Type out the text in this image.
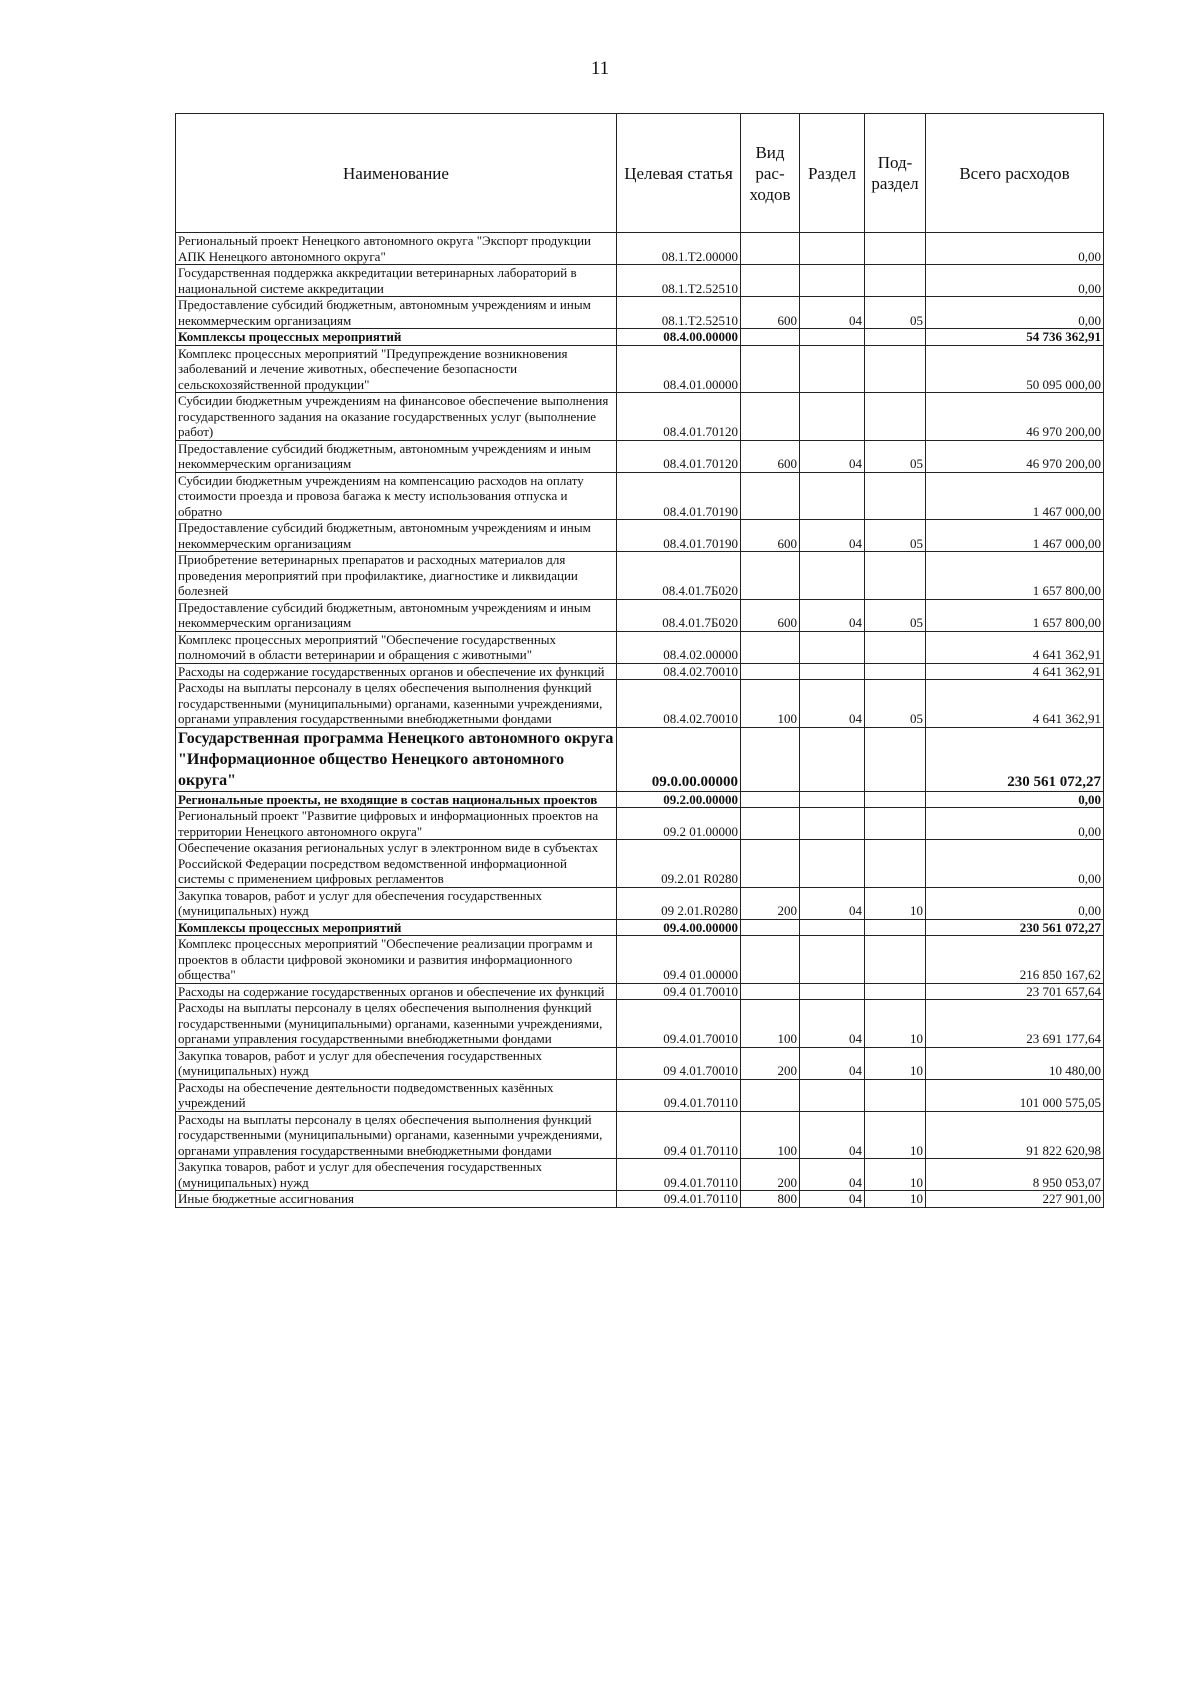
11
Наименование	Целевая статья	Вид рас- ходов	Раздел	Под- раздел	Всего расходов
Региональный проект Ненецкого автономного округа "Экспорт продукции АПК Ненецкого автономного округа"	08.1.Т2.00000				0,00
Государственная поддержка аккредитации ветеринарных лабораторий в национальной системе аккредитации	08.1.Т2.52510				0,00
Предоставление субсидий бюджетным, автономным учреждениям и иным некоммерческим организациям	08.1.Т2.52510	600	04	05	0,00
Комплексы процессных мероприятий	08.4.00.00000				54 736 362,91
Комплекс процессных мероприятий "Предупреждение возникновения заболеваний и лечение животных, обеспечение безопасности сельскохозяйственной продукции"	08.4.01.00000				50 095 000,00
Субсидии бюджетным учреждениям на финансовое обеспечение выполнения государственного задания на оказание государственных услуг (выполнение работ)	08.4.01.70120				46 970 200,00
Предоставление субсидий бюджетным, автономным учреждениям и иным некоммерческим организациям	08.4.01.70120	600	04	05	46 970 200,00
Субсидии бюджетным учреждениям на компенсацию расходов на оплату стоимости проезда и провоза багажа к месту использования отпуска и обратно	08.4.01.70190				1 467 000,00
Предоставление субсидий бюджетным, автономным учреждениям и иным некоммерческим организациям	08.4.01.70190	600	04	05	1 467 000,00
Приобретение ветеринарных препаратов и расходных материалов для проведения мероприятий при профилактике, диагностике и ликвидации болезней	08.4.01.7Б020				1 657 800,00
Предоставление субсидий бюджетным, автономным учреждениям и иным некоммерческим организациям	08.4.01.7Б020	600	04	05	1 657 800,00
Комплекс процессных мероприятий "Обеспечение государственных полномочий в области ветеринарии и обращения с животными"	08.4.02.00000				4 641 362,91
Расходы на содержание государственных органов и обеспечение их функций	08.4.02.70010				4 641 362,91
Расходы на выплаты персоналу в целях обеспечения выполнения функций государственными (муниципальными) органами, казенными учреждениями, органами управления государственными внебюджетными фондами	08.4.02.70010	100	04	05	4 641 362,91
Государственная программа Ненецкого автономного округа "Информационное общество Ненецкого автономного округа"	09.0.00.00000				230 561 072,27
Региональные проекты, не входящие в состав национальных проектов	09.2.00.00000				0,00
Региональный проект "Развитие цифровых и информационных проектов на территории Ненецкого автономного округа"	09.2 01.00000				0,00
Обеспечение оказания региональных услуг в электронном виде в субъектах Российской Федерации посредством ведомственной информационной системы с применением цифровых регламентов	09.2.01 R0280				0,00
Закупка товаров, работ и услуг для обеспечения государственных (муниципальных) нужд	09 2.01.R0280	200	04	10	0,00
Комплексы процессных мероприятий	09.4.00.00000				230 561 072,27
Комплекс процессных мероприятий "Обеспечение реализации программ и проектов в области цифровой экономики и развития информационного общества"	09.4 01.00000				216 850 167,62
Расходы на содержание государственных органов и обеспечение их функций	09.4 01.70010				23 701 657,64
Расходы на выплаты персоналу в целях обеспечения выполнения функций государственными (муниципальными) органами, казенными учреждениями, органами управления государственными внебюджетными фондами	09.4.01.70010	100	04	10	23 691 177,64
Закупка товаров, работ и услуг для обеспечения государственных (муниципальных) нужд	09 4.01.70010	200	04	10	10 480,00
Расходы на обеспечение деятельности подведомственных казённых учреждений	09.4.01.70110				101 000 575,05
Расходы на выплаты персоналу в целях обеспечения выполнения функций государственными (муниципальными) органами, казенными учреждениями, органами управления государственными внебюджетными фондами	09.4 01.70110	100	04	10	91 822 620,98
Закупка товаров, работ и услуг для обеспечения государственных (муниципальных) нужд	09.4.01.70110	200	04	10	8 950 053,07
Иные бюджетные ассигнования	09.4.01.70110	800	04	10	227 901,00
